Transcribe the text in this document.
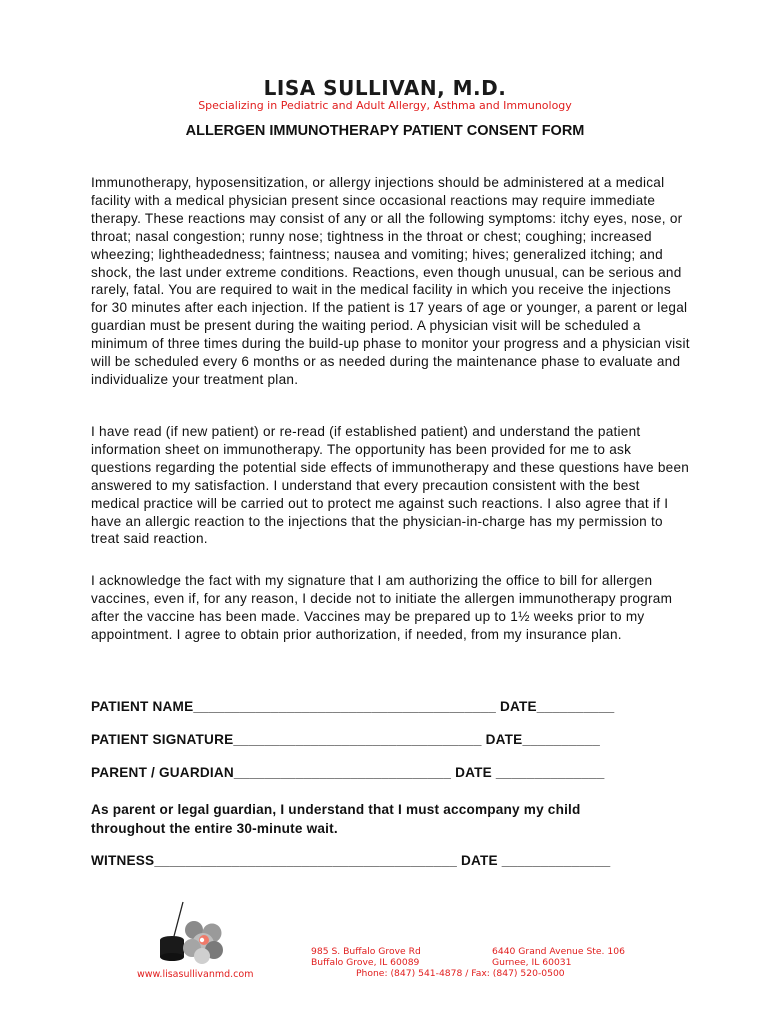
LISA SULLIVAN, M.D.
Specializing in Pediatric and Adult Allergy, Asthma and Immunology
ALLERGEN IMMUNOTHERAPY PATIENT CONSENT FORM

Immunotherapy, hyposensitization, or allergy injections should be administered at a medical facility with a medical physician present since occasional reactions may require immediate therapy. These reactions may consist of any or all the following symptoms: itchy eyes, nose, or throat; nasal congestion; runny nose; tightness in the throat or chest; coughing; increased wheezing; lightheadedness; faintness; nausea and vomiting; hives; generalized itching; and shock, the last under extreme conditions. Reactions, even though unusual, can be serious and rarely, fatal. You are required to wait in the medical facility in which you receive the injections for 30 minutes after each injection. If the patient is 17 years of age or younger, a parent or legal guardian must be present during the waiting period. A physician visit will be scheduled a minimum of three times during the build-up phase to monitor your progress and a physician visit will be scheduled every 6 months or as needed during the maintenance phase to evaluate and individualize your treatment plan.

I have read (if new patient) or re-read (if established patient) and understand the patient information sheet on immunotherapy. The opportunity has been provided for me to ask questions regarding the potential side effects of immunotherapy and these questions have been answered to my satisfaction. I understand that every precaution consistent with the best medical practice will be carried out to protect me against such reactions. I also agree that if I have an allergic reaction to the injections that the physician-in-charge has my permission to treat said reaction.

I acknowledge the fact with my signature that I am authorizing the office to bill for allergen vaccines, even if, for any reason, I decide not to initiate the allergen immunotherapy program after the vaccine has been made. Vaccines may be prepared up to 1½ weeks prior to my appointment. I agree to obtain prior authorization, if needed, from my insurance plan.

PATIENT NAME_______________________________________ DATE__________
PATIENT SIGNATURE________________________________ DATE__________
PARENT / GUARDIAN____________________________ DATE ______________
As parent or legal guardian, I understand that I must accompany my child throughout the entire 30-minute wait.
WITNESS_______________________________________ DATE ______________
www.lisasullivanmd.com
985 S. Buffalo Grove Rd
Buffalo Grove, IL 60089
6440 Grand Avenue Ste. 106
Gurnee, IL 60031
Phone: (847) 541-4878 / Fax: (847) 520-0500
